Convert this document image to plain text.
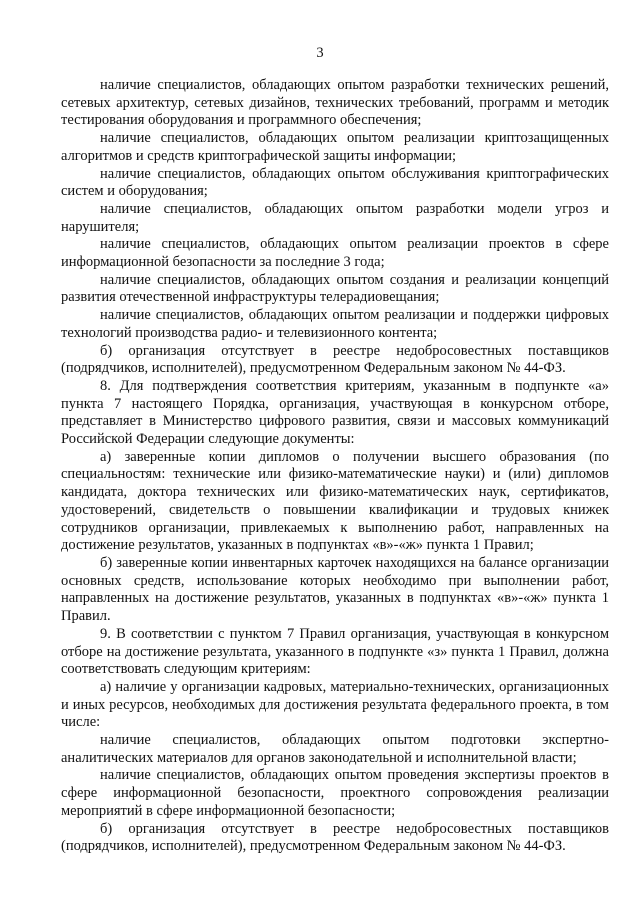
3

наличие специалистов, обладающих опытом разработки технических решений, сетевых архитектур, сетевых дизайнов, технических требований, программ и методик тестирования оборудования и программного обеспечения;

наличие специалистов, обладающих опытом реализации криптозащищенных алгоритмов и средств криптографической защиты информации;

наличие специалистов, обладающих опытом обслуживания криптографических систем и оборудования;

наличие специалистов, обладающих опытом разработки модели угроз и нарушителя;

наличие специалистов, обладающих опытом реализации проектов в сфере информационной безопасности за последние 3 года;

наличие специалистов, обладающих опытом создания и реализации концепций развития отечественной инфраструктуры телерадиовещания;

наличие специалистов, обладающих опытом реализации и поддержки цифровых технологий производства радио- и телевизионного контента;

б) организация отсутствует в реестре недобросовестных поставщиков (подрядчиков, исполнителей), предусмотренном Федеральным законом № 44-ФЗ.

8. Для подтверждения соответствия критериям, указанным в подпункте «а» пункта 7 настоящего Порядка, организация, участвующая в конкурсном отборе, представляет в Министерство цифрового развития, связи и массовых коммуникаций Российской Федерации следующие документы:

а) заверенные копии дипломов о получении высшего образования (по специальностям: технические или физико-математические науки) и (или) дипломов кандидата, доктора технических или физико-математических наук, сертификатов, удостоверений, свидетельств о повышении квалификации и трудовых книжек сотрудников организации, привлекаемых к выполнению работ, направленных на достижение результатов, указанных в подпунктах «в»-«ж» пункта 1 Правил;

б) заверенные копии инвентарных карточек находящихся на балансе организации основных средств, использование которых необходимо при выполнении работ, направленных на достижение результатов, указанных в подпунктах «в»-«ж» пункта 1 Правил.

9. В соответствии с пунктом 7 Правил организация, участвующая в конкурсном отборе на достижение результата, указанного в подпункте «з» пункта 1 Правил, должна соответствовать следующим критериям:

а) наличие у организации кадровых, материально-технических, организационных и иных ресурсов, необходимых для достижения результата федерального проекта, в том числе:

наличие специалистов, обладающих опытом подготовки экспертно-аналитических материалов для органов законодательной и исполнительной власти;

наличие специалистов, обладающих опытом проведения экспертизы проектов в сфере информационной безопасности, проектного сопровождения реализации мероприятий в сфере информационной безопасности;

б) организация отсутствует в реестре недобросовестных поставщиков (подрядчиков, исполнителей), предусмотренном Федеральным законом № 44-ФЗ.
